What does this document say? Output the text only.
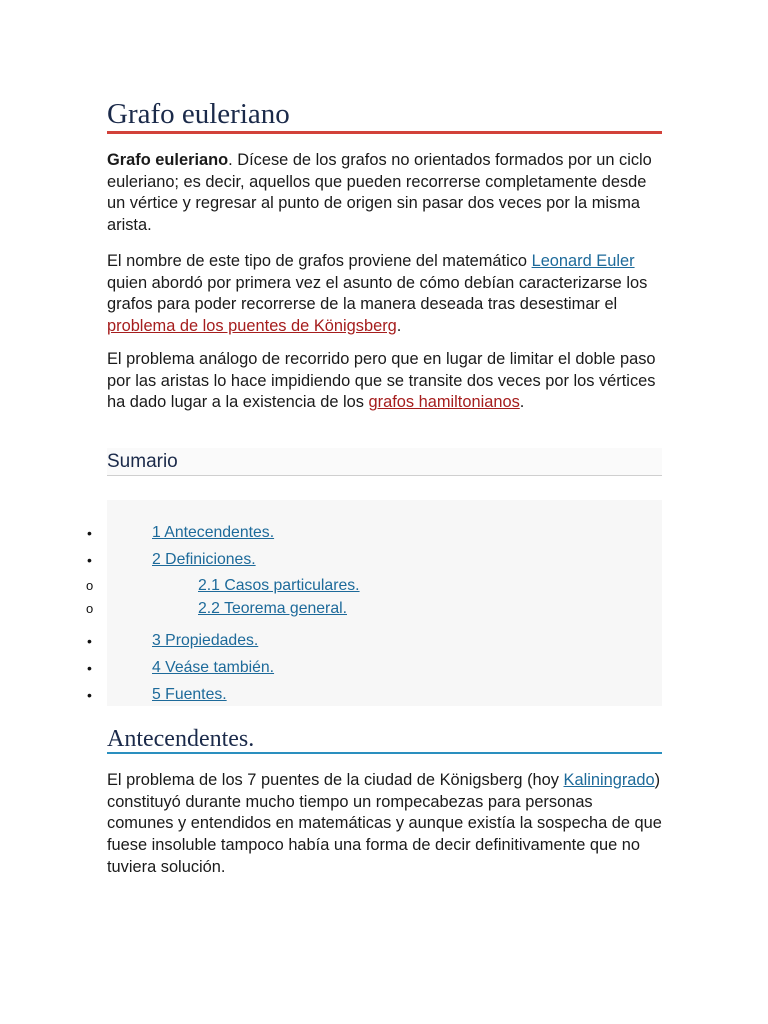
Grafo euleriano

Grafo euleriano. Dícese de los grafos no orientados formados por un ciclo euleriano; es decir, aquellos que pueden recorrerse completamente desde un vértice y regresar al punto de origen sin pasar dos veces por la misma arista.

El nombre de este tipo de grafos proviene del matemático Leonard Euler quien abordó por primera vez el asunto de cómo debían caracterizarse los grafos para poder recorrerse de la manera deseada tras desestimar el problema de los puentes de Königsberg.

El problema análogo de recorrido pero que en lugar de limitar el doble paso por las aristas lo hace impidiendo que se transite dos veces por los vértices ha dado lugar a la existencia de los grafos hamiltonianos.

El problema de los 7 puentes de la ciudad de Königsberg (hoy Kaliningrado) constituyó durante mucho tiempo un rompecabezas para personas comunes y entendidos en matemáticas y aunque existía la sospecha de que fuese insoluble tampoco había una forma de decir definitivamente que no tuviera solución.

Sumario
•	1 Antecendentes.
•	2 Definiciones.
o	2.1 Casos particulares.
o	2.2 Teorema general.
•	3 Propiedades.
•	4 Veáse también.
•	5 Fuentes.
Antecendentes.
